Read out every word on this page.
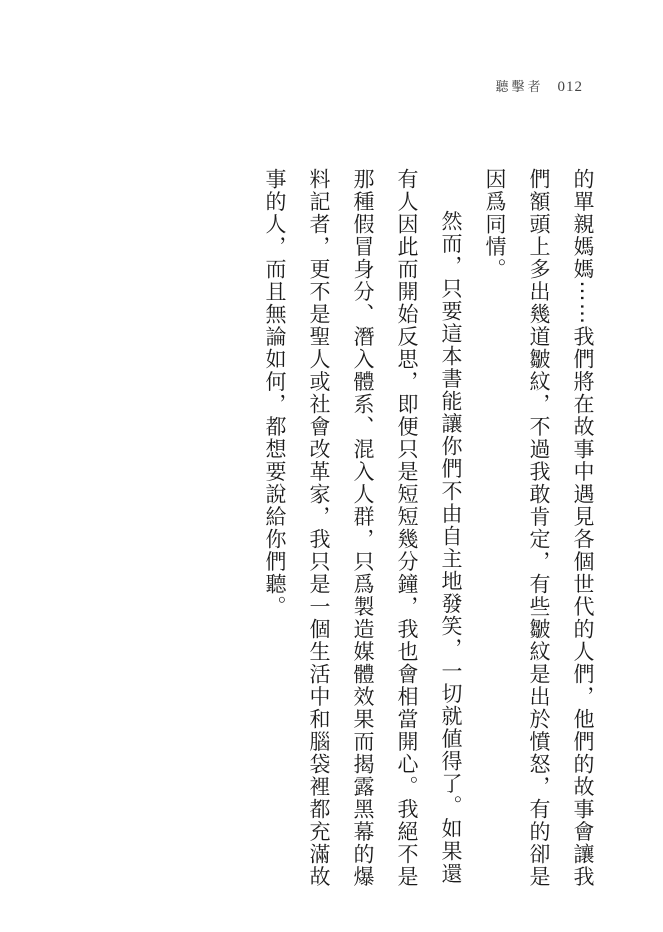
聽擊者 012

的單親媽媽⋯⋯我們將在故事中遇見各個世代的人們，他們的故事會讓我們額頭上多出幾道皺紋，不過我敢肯定，有些皺紋是出於憤怒，有的卻是因爲同情。

然而，只要這本書能讓你們不由自主地發笑，一切就値得了。如果還有人因此而開始反思，即便只是短短幾分鐘，我也會相當開心。我絕不是那種假冒身分、潛入體系、混入人群，只爲製造媒體效果而揭露黑幕的爆料記者，更不是聖人或社會改革家，我只是一個生活中和腦袋裡都充滿故事的人，而且無論如何，都想要說給你們聽。
